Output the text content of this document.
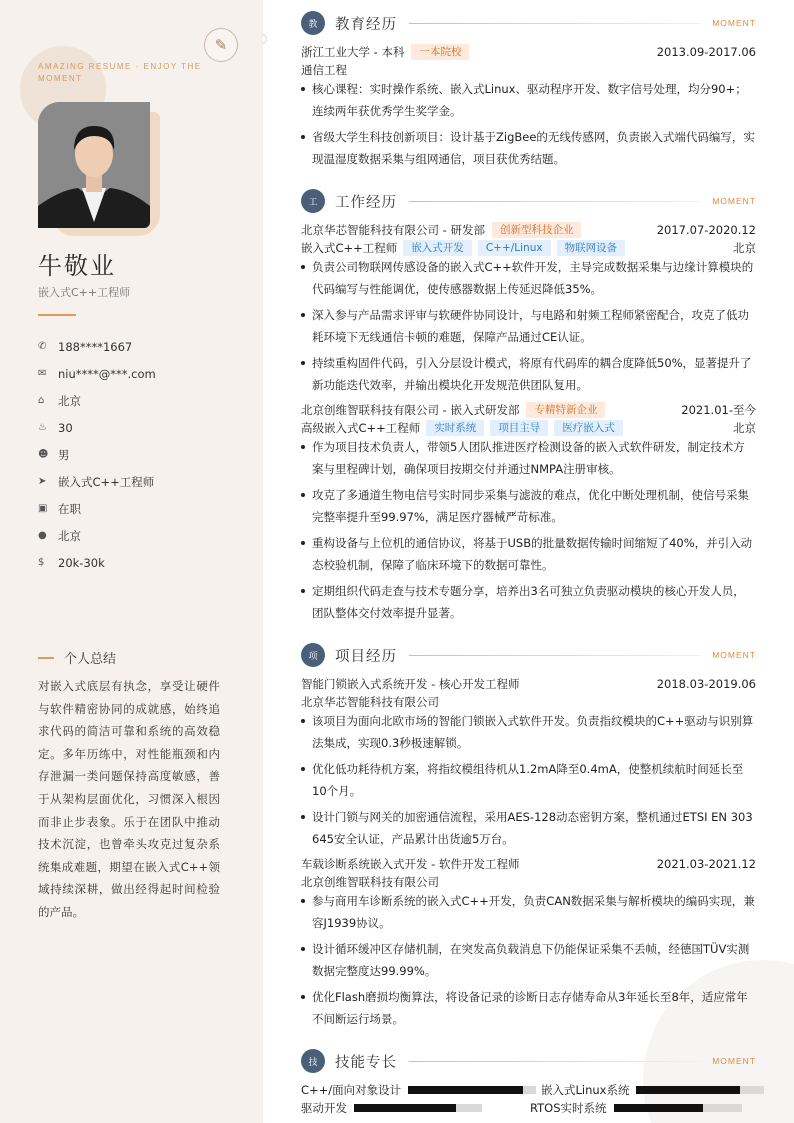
✎
AMAZING RESUME · ENJOY THE MOMENT
牛敬业
嵌入式C++工程师
✆	188****1667
✉	niu****@***.com
⌂	北京
♨ 30
☻ 男
➤	嵌入式C++工程师
▣ 在职
● 北京
$	20k-30k
个人总结
对嵌入式底层有执念，享受让硬件与软件精密协同的成就感，始终追求代码的简洁可靠和系统的高效稳定。多年历练中，对性能瓶颈和内存泄漏一类问题保持高度敏感，善于从架构层面优化，习惯深入根因而非止步表象。乐于在团队中推动技术沉淀，也曾牵头攻克过复杂系统集成难题，期望在嵌入式C++领域持续深耕，做出经得起时间检验的产品。
教	教育经历	MOMENT
浙江工业大学 - 本科	一本院校	2013.09-2017.06
通信工程
核心课程：实时操作系统、嵌入式Linux、驱动程序开发、数字信号处理，均分90+；连续两年获优秀学生奖学金。
省级大学生科技创新项目：设计基于ZigBee的无线传感网，负责嵌入式端代码编写，实现温湿度数据采集与组网通信，项目获优秀结题。
工	工作经历	MOMENT
北京华芯智能科技有限公司 - 研发部	创新型科技企业	2017.07-2020.12
嵌入式C++工程师	嵌入式开发	C++/Linux	物联网设备	北京
负责公司物联网传感设备的嵌入式C++软件开发，主导完成数据采集与边缘计算模块的代码编写与性能调优，使传感器数据上传延迟降低35%。
深入参与产品需求评审与软硬件协同设计，与电路和射频工程师紧密配合，攻克了低功耗环境下无线通信卡顿的难题，保障产品通过CE认证。
持续重构固件代码，引入分层设计模式，将原有代码库的耦合度降低50%，显著提升了新功能迭代效率，并输出模块化开发规范供团队复用。
北京创维智联科技有限公司 - 嵌入式研发部	专精特新企业	2021.01-至今
高级嵌入式C++工程师	实时系统	项目主导	医疗嵌入式	北京
作为项目技术负责人，带领5人团队推进医疗检测设备的嵌入式软件研发，制定技术方案与里程碑计划，确保项目按期交付并通过NMPA注册审核。
攻克了多通道生物电信号实时同步采集与滤波的难点，优化中断处理机制，使信号采集完整率提升至99.97%，满足医疗器械严苛标准。
重构设备与上位机的通信协议，将基于USB的批量数据传输时间缩短了40%，并引入动态校验机制，保障了临床环境下的数据可靠性。
定期组织代码走查与技术专题分享，培养出3名可独立负责驱动模块的核心开发人员，团队整体交付效率提升显著。
项	项目经历	MOMENT
智能门锁嵌入式系统开发 - 核心开发工程师	2018.03-2019.06
北京华芯智能科技有限公司
该项目为面向北欧市场的智能门锁嵌入式软件开发。负责指纹模块的C++驱动与识别算法集成，实现0.3秒极速解锁。
优化低功耗待机方案，将指纹模组待机从1.2mA降至0.4mA，使整机续航时间延长至10个月。
设计门锁与网关的加密通信流程，采用AES-128动态密钥方案，整机通过ETSI EN 303 645安全认证，产品累计出货逾5万台。
车载诊断系统嵌入式开发 - 软件开发工程师	2021.03-2021.12
北京创维智联科技有限公司
参与商用车诊断系统的嵌入式C++开发，负责CAN数据采集与解析模块的编码实现，兼容J1939协议。
设计循环缓冲区存储机制，在突发高负载消息下仍能保证采集不丢帧，经德国TÜV实测数据完整度达99.99%。
优化Flash磨损均衡算法，将设备记录的诊断日志存储寿命从3年延长至8年，适应常年不间断运行场景。
技	技能专长	MOMENT
C++/面向对象设计	嵌入式Linux系统
驱动开发	RTOS实时系统
